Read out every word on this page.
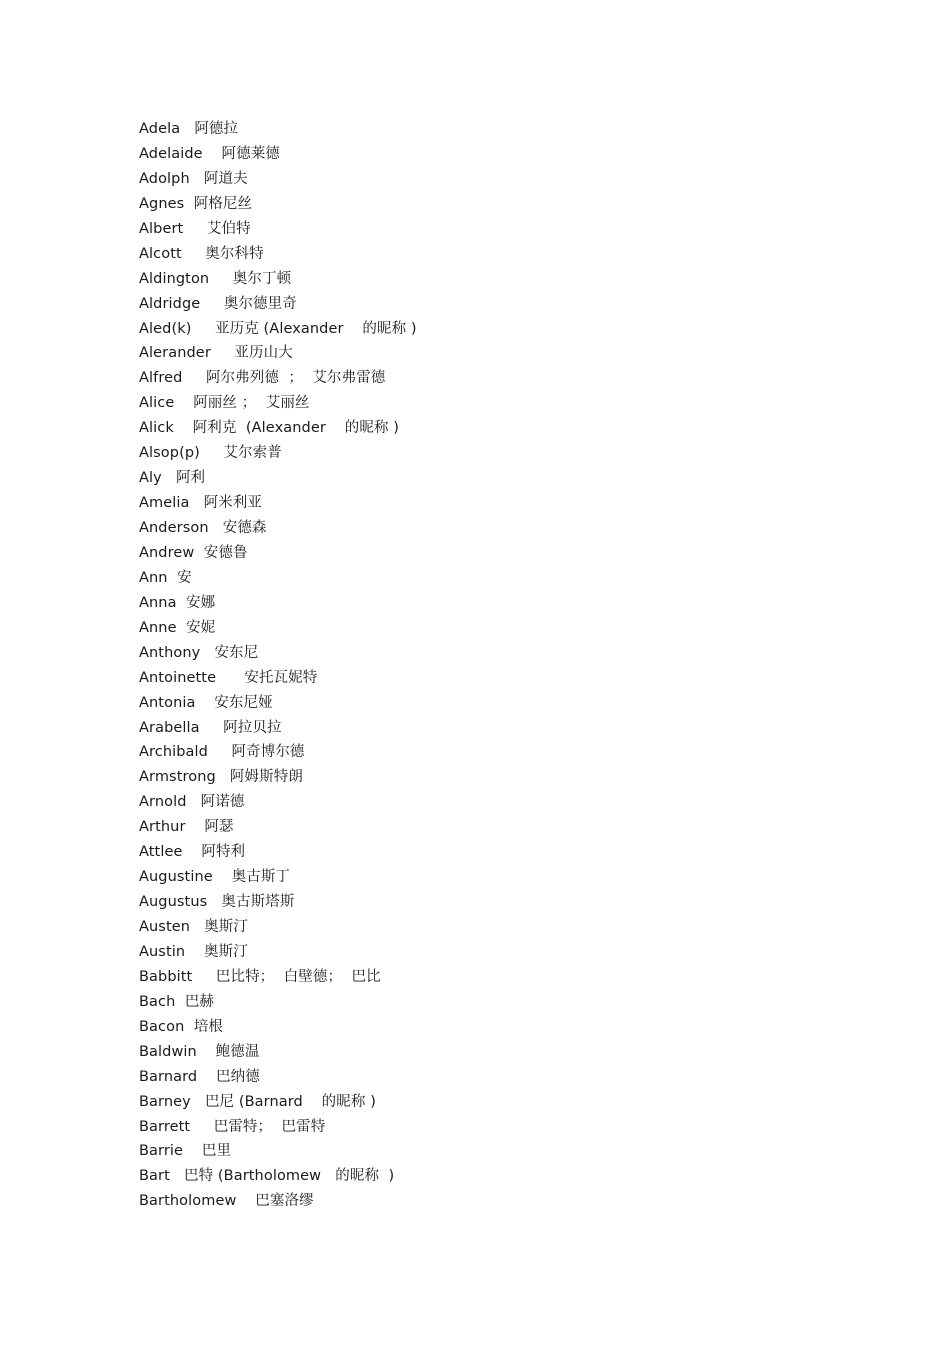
Adela   阿德拉
Adelaide    阿德莱德
Adolph   阿道夫
Agnes  阿格尼丝
Albert     艾伯特
Alcott     奥尔科特
Aldington     奥尔丁顿
Aldridge     奥尔德里奇
Aled(k)     亚历克 (Alexander    的昵称 )
Alerander     亚历山大
Alfred     阿尔弗列德  ；  艾尔弗雷德
Alice    阿丽丝 ；  艾丽丝
Alick    阿利克  (Alexander    的昵称 )
Alsop(p)     艾尔索普
Aly   阿利
Amelia   阿米利亚
Anderson   安德森
Andrew  安德鲁
Ann  安
Anna  安娜
Anne  安妮
Anthony   安东尼
Antoinette      安托瓦妮特
Antonia    安东尼娅
Arabella     阿拉贝拉
Archibald     阿奇博尔德
Armstrong   阿姆斯特朗
Arnold   阿诺德
Arthur    阿瑟
Attlee    阿特利
Augustine    奥古斯丁
Augustus   奥古斯塔斯
Austen   奥斯汀
Austin    奥斯汀
Babbitt     巴比特；  白壁德；  巴比
Bach  巴赫
Bacon  培根
Baldwin    鲍德温
Barnard    巴纳德
Barney   巴尼 (Barnard    的昵称 )
Barrett     巴雷特；  巴雷特
Barrie    巴里
Bart   巴特 (Bartholomew   的昵称  )
Bartholomew    巴塞洛缪
